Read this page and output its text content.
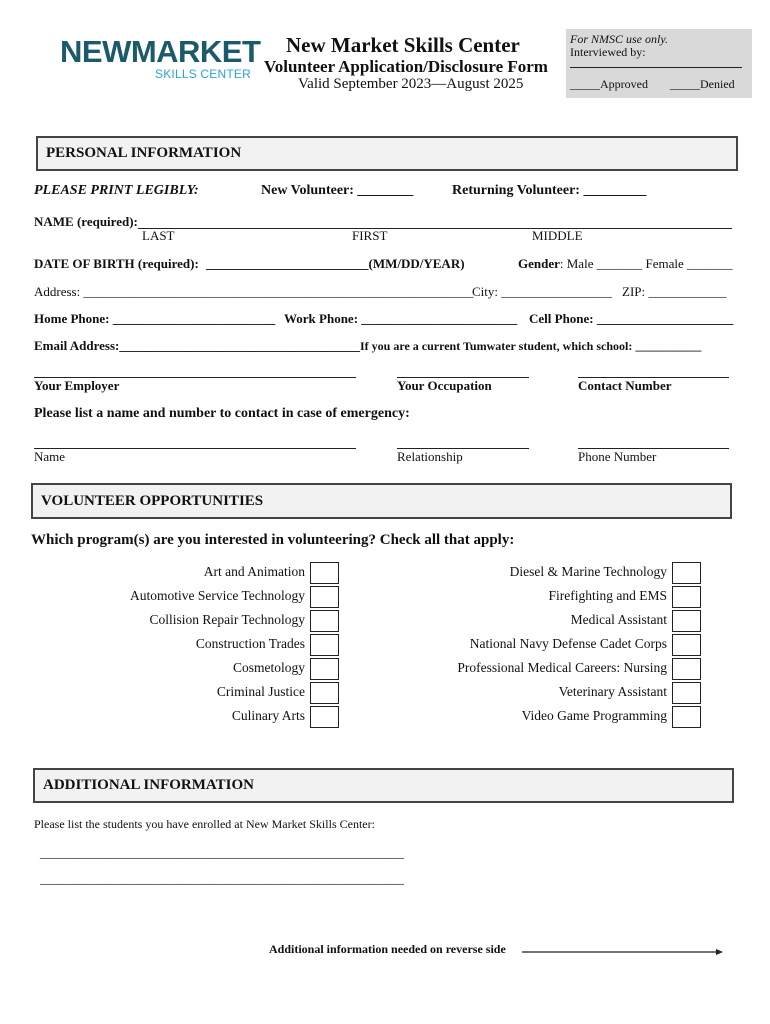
NEWMARKET
SKILLS CENTER
New Market Skills Center
Volunteer Application/Disclosure Form
Valid September 2023—August 2025
For NMSC use only.
Interviewed by:
_____Approved _____Denied
PERSONAL INFORMATION
PLEASE PRINT LEGIBLY:	New Volunteer: ________	Returning Volunteer: _________
NAME (required):
LAST	FIRST	MIDDLE
DATE OF BIRTH (required): _________________________(MM/DD/YEAR)	Gender: Male _______ Female _______
Address: ____________________________________________________________
City: _________________ ZIP: ____________
Home Phone: _________________________ Work Phone: ________________________ Cell Phone: _____________________
Email Address:_____________________________________ If you are a current Tumwater student, which school: ___________
Your Employer	Your Occupation	Contact Number
Please list a name and number to contact in case of emergency:
Name	Relationship	Phone Number
VOLUNTEER OPPORTUNITIES
Which program(s) are you interested in volunteering? Check all that apply:
Art and Animation
Automotive Service Technology
Collision Repair Technology
Construction Trades
Cosmetology
Criminal Justice
Culinary Arts
Diesel & Marine Technology
Firefighting and EMS
Medical Assistant
National Navy Defense Cadet Corps
Professional Medical Careers: Nursing
Veterinary Assistant
Video Game Programming
ADDITIONAL INFORMATION
Please list the students you have enrolled at New Market Skills Center:
________________________________________________________
________________________________________________________
Additional information needed on reverse side
